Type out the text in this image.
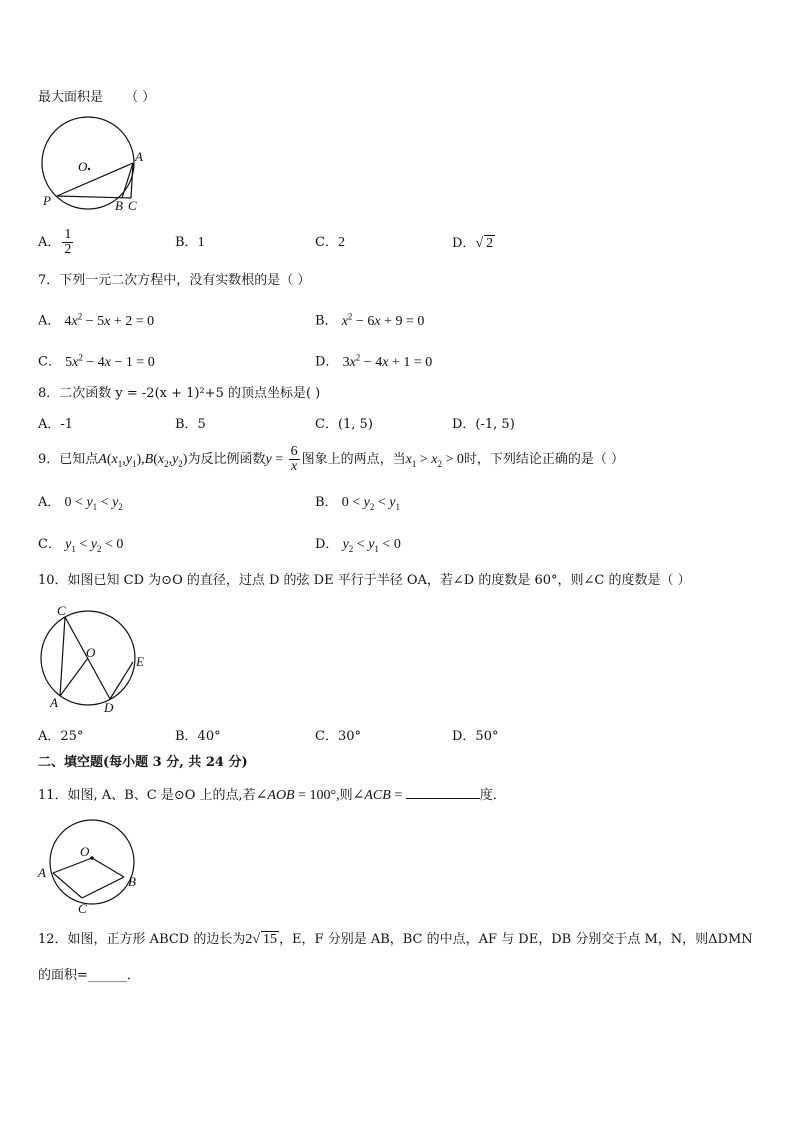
最大面积是 （ ）
O
A
P	B C
A． $\frac{1}{2}$	B．1	C．2	D．√ 2
7．下列一元二次方程中，没有实数根的是（ ）
A． $4x^2 - 5x + 2 = 0$	B． $x^2 - 6x + 9 = 0$
C． $5x^2 - 4x - 1 = 0$	D． $3x^2 - 4x + 1 = 0$
8．二次函数 y = -2(x + 1)²+5 的顶点坐标是( )
A．-1	B．5	C．(1, 5)	D．(-1, 5)
9．已知点$A(x_1,y_1),B(x_2,y_2)$为反比例函数$y = \frac{6}{x}$ 图象上的两点，当$x_1 > x_2 > 0$时，下列结论正确的是（ ）
A． $0 < y_1 < y_2$	B． $0 < y_2 < y_1$
C． $y_1 < y_2 < 0$	D． $y_2 < y_1 < 0$
10．如图已知 CD 为⊙O 的直径，过点 D 的弦 DE 平行于半径 OA，若∠D 的度数是 60°，则∠C 的度数是（ ）
C
O
E
A	D
A．25°	B．40°	C．30°	D．50°
二、填空题(每小题 3 分, 共 24 分)
11．如图, A、B、C 是⊙O 上的点,若∠AOB = 100°,则∠ACB =	度．
O
A
B
C
12．如图，正方形 ABCD 的边长为2√ 15 ，E，F 分别是 AB，BC 的中点，AF 与 DE，DB 分别交于点 M，N，则ΔDMN
的面积=______．
